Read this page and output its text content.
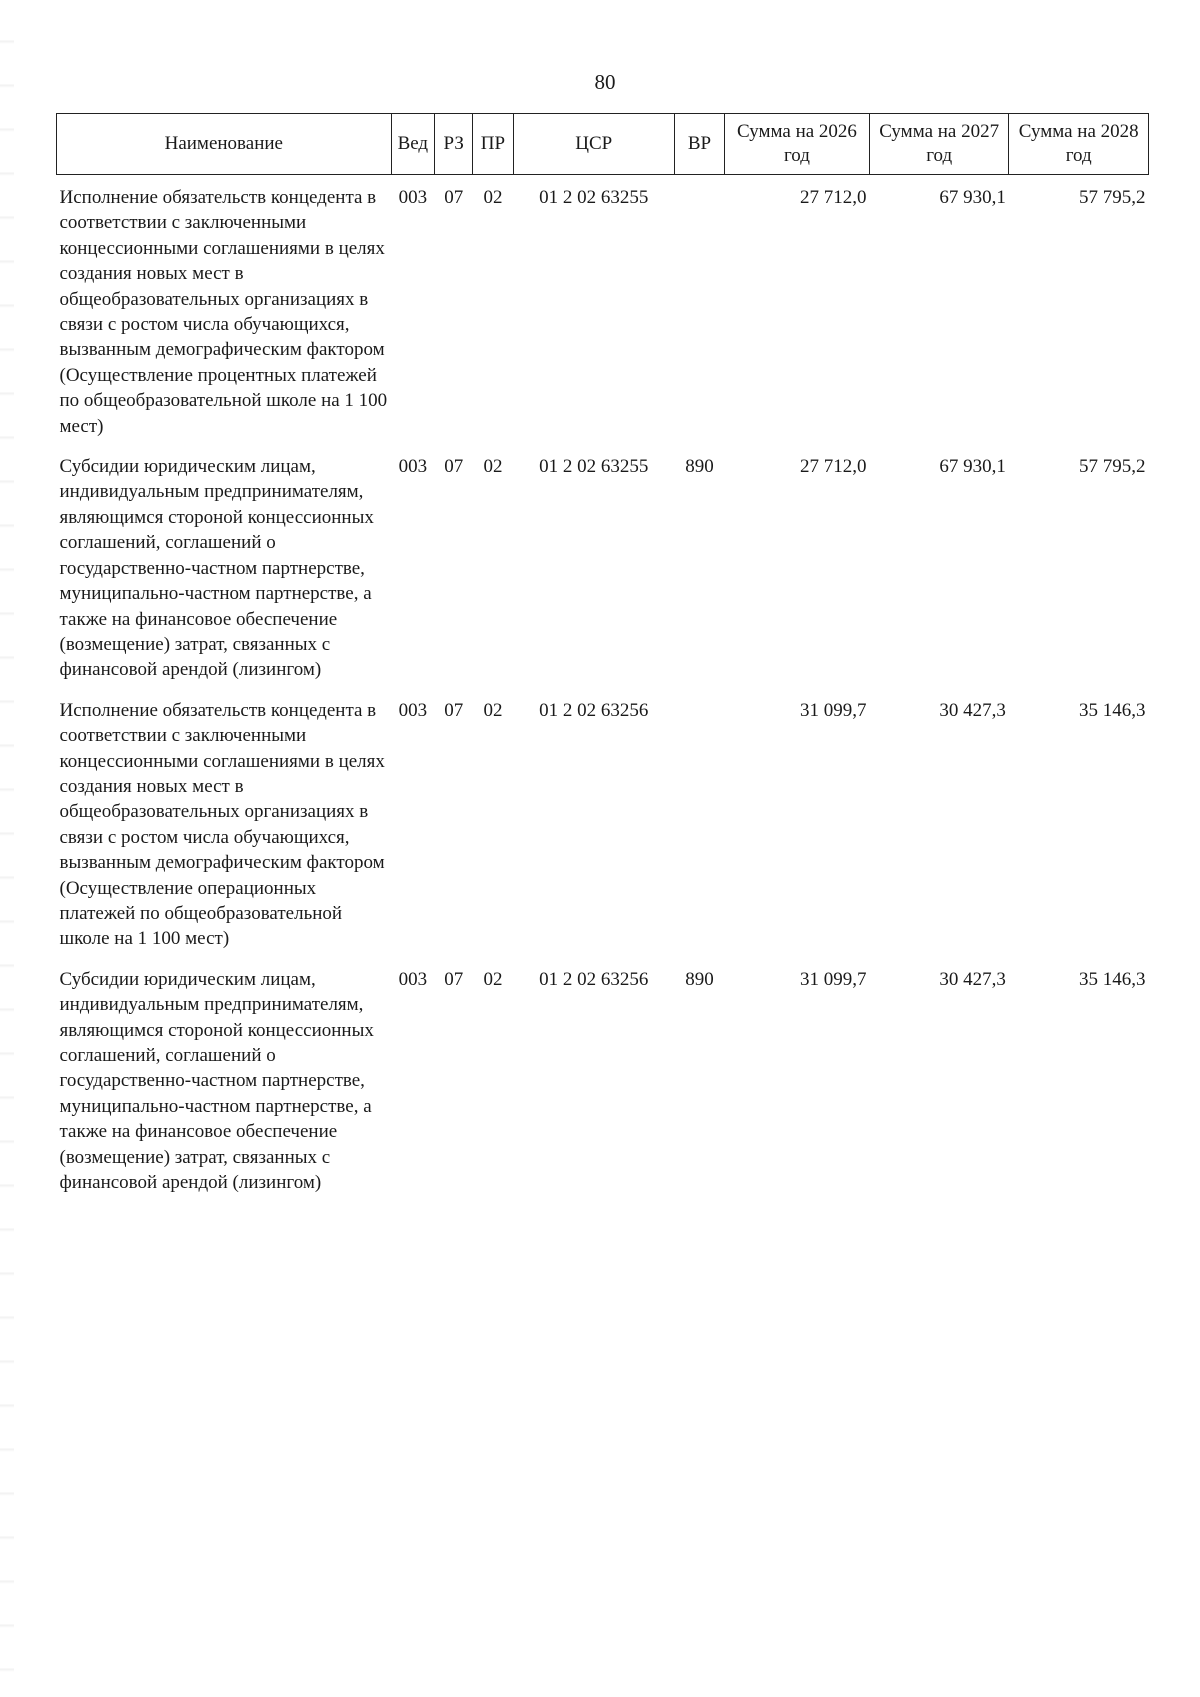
80
Наименование	Вед	РЗ	ПР	ЦСР	ВР	Сумма на 2026 год	Сумма на 2027 год	Сумма на 2028 год
Исполнение обязательств концедента в соответствии с заключенными концессионными соглашениями в целях создания новых мест в общеобразовательных организациях в связи с ростом числа обучающихся, вызванным демографическим фактором (Осуществление процентных платежей по общеобразовательной школе на 1 100 мест)	003	07	02	01 2 02 63255		27 712,0	67 930,1	57 795,2
Субсидии юридическим лицам, индивидуальным предпринимателям, являющимся стороной концессионных соглашений, соглашений о государственно-частном партнерстве, муниципально-частном партнерстве, а также на финансовое обеспечение (возмещение) затрат, связанных с финансовой арендой (лизингом)	003	07	02	01 2 02 63255	890	27 712,0	67 930,1	57 795,2
Исполнение обязательств концедента в соответствии с заключенными концессионными соглашениями в целях создания новых мест в общеобразовательных организациях в связи с ростом числа обучающихся, вызванным демографическим фактором (Осуществление операционных платежей по общеобразовательной школе на 1 100 мест)	003	07	02	01 2 02 63256		31 099,7	30 427,3	35 146,3
Субсидии юридическим лицам, индивидуальным предпринимателям, являющимся стороной концессионных соглашений, соглашений о государственно-частном партнерстве, муниципально-частном партнерстве, а также на финансовое обеспечение (возмещение) затрат, связанных с финансовой арендой (лизингом)	003	07	02	01 2 02 63256	890	31 099,7	30 427,3	35 146,3
